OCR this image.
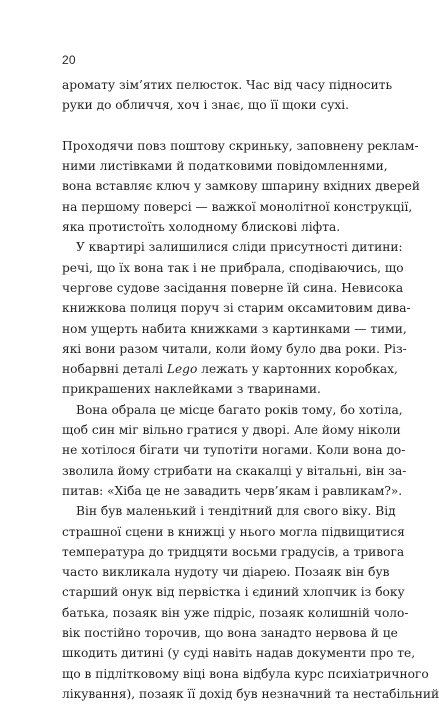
20

аромату зім’ятих пелюсток. Час від часу підносить
руки до обличчя, хоч і знає, що її щоки сухі.

Проходячи повз поштову скриньку, заповнену реклам-
ними листівками й податковими повідомленнями,
вона вставляє ключ у замкову шпарину вхідних дверей
на першому поверсі — важкої монолітної конструкції,
яка протистоїть холодному блискові ліфта.

У квартирі залишилися сліди присутності дитини:
речі, що їх вона так і не прибрала, сподіваючись, що
чергове судове засідання поверне їй сина. Невисока
книжкова полиця поруч зі старим оксамитовим дива-
ном ущерть набита книжками з картинками — тими,
які вони разом читали, коли йому було два роки. Різ-
нобарвні деталі Lego лежать у картонних коробках,
прикрашених наклейками з тваринами.

Вона обрала це місце багато років тому, бо хотіла,
щоб син міг вільно гратися у дворі. Але йому ніколи
не хотілося бігати чи тупотіти ногами. Коли вона до-
зволила йому стрибати на скакалці у вітальні, він за-
питав: «Хіба це не завадить черв’якам і равликам?».

Він був маленький і тендітний для свого віку. Від
страшної сцени в книжці у нього могла підвищитися
температура до тридцяти восьми градусів, а тривога
часто викликала нудоту чи діарею. Позаяк він був
старший онук від первістка і єдиний хлопчик із боку
батька, позаяк він уже підріс, позаяк колишній чоло-
вік постійно торочив, що вона занадто нервова й це
шкодить дитині (у суді навіть надав документи про те,
що в підлітковому віці вона відбула курс психіатричного
лікування), позаяк її дохід був незначний та нестабільний
